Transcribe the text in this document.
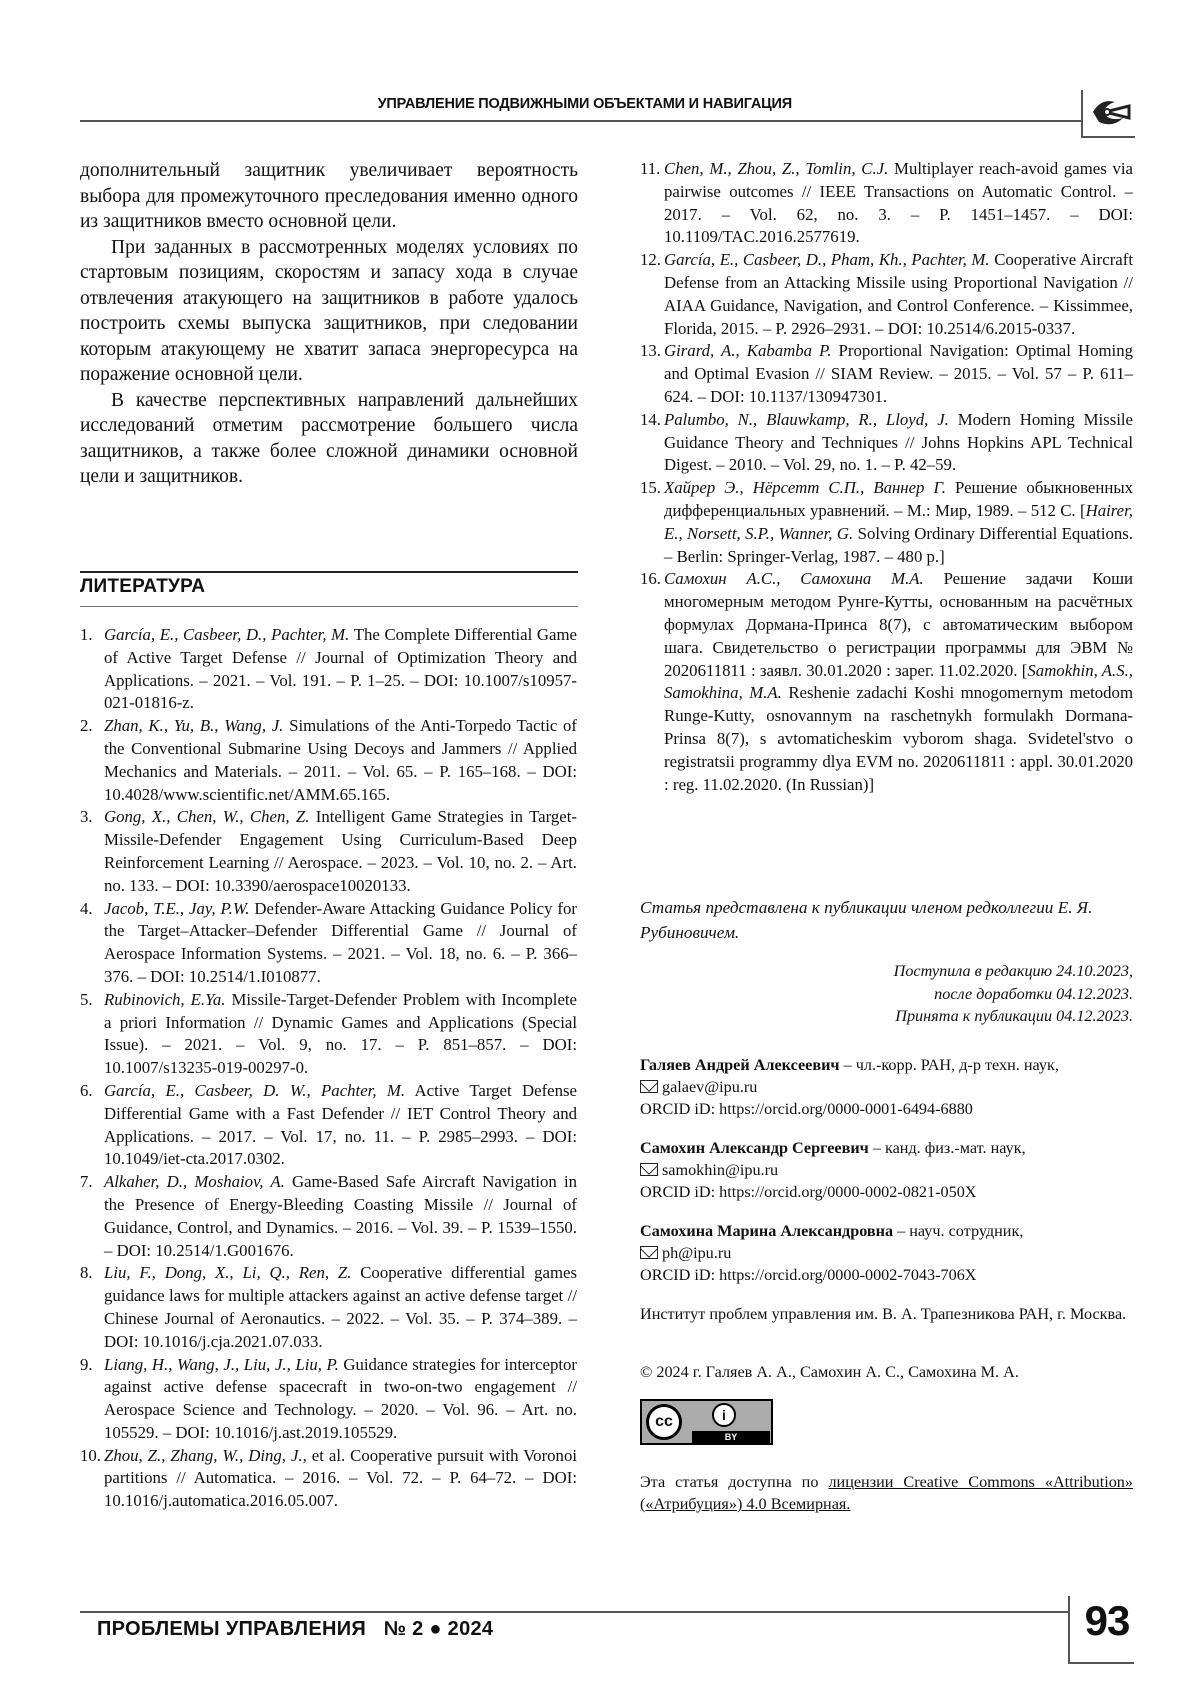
УПРАВЛЕНИЕ ПОДВИЖНЫМИ ОБЪЕКТАМИ И НАВИГАЦИЯ

дополнительный защитник увеличивает вероятность выбора для промежуточного преследования именно одного из защитников вместо основной цели.

При заданных в рассмотренных моделях условиях по стартовым позициям, скоростям и запасу хода в случае отвлечения атакующего на защитников в работе удалось построить схемы выпуска защитников, при следовании которым атакующему не хватит запаса энергоресурса на поражение основной цели.

В качестве перспективных направлений дальнейших исследований отметим рассмотрение большего числа защитников, а также более сложной динамики основной цели и защитников.

ЛИТЕРАТУРА

1. García, E., Casbeer, D., Pachter, M. The Complete Differential Game of Active Target Defense // Journal of Optimization Theory and Applications. – 2021. – Vol. 191. – P. 1–25. – DOI: 10.1007/s10957-021-01816-z.

2. Zhan, K., Yu, B., Wang, J. Simulations of the Anti-Torpedo Tactic of the Conventional Submarine Using Decoys and Jammers // Applied Mechanics and Materials. – 2011. – Vol. 65. – P. 165–168. – DOI: 10.4028/www.scientific.net/AMM.65.165.

3. Gong, X., Chen, W., Chen, Z. Intelligent Game Strategies in Target-Missile-Defender Engagement Using Curriculum-Based Deep Reinforcement Learning // Aerospace. – 2023. – Vol. 10, no. 2. – Art. no. 133. – DOI: 10.3390/aerospace10020133.

4. Jacob, T.E., Jay, P.W. Defender-Aware Attacking Guidance Policy for the Target–Attacker–Defender Differential Game // Journal of Aerospace Information Systems. – 2021. – Vol. 18, no. 6. – P. 366–376. – DOI: 10.2514/1.I010877.

5. Rubinovich, E.Ya. Missile-Target-Defender Problem with Incomplete a priori Information // Dynamic Games and Applications (Special Issue). – 2021. – Vol. 9, no. 17. – P. 851–857. – DOI: 10.1007/s13235-019-00297-0.

6. García, E., Casbeer, D. W., Pachter, M. Active Target Defense Differential Game with a Fast Defender // IET Control Theory and Applications. – 2017. – Vol. 17, no. 11. – P. 2985–2993. – DOI: 10.1049/iet-cta.2017.0302.

7. Alkaher, D., Moshaiov, A. Game-Based Safe Aircraft Navigation in the Presence of Energy-Bleeding Coasting Missile // Journal of Guidance, Control, and Dynamics. – 2016. – Vol. 39. – P. 1539–1550. – DOI: 10.2514/1.G001676.

8. Liu, F., Dong, X., Li, Q., Ren, Z. Cooperative differential games guidance laws for multiple attackers against an active defense target // Chinese Journal of Aeronautics. – 2022. – Vol. 35. – P. 374–389. – DOI: 10.1016/j.cja.2021.07.033.

9. Liang, H., Wang, J., Liu, J., Liu, P. Guidance strategies for interceptor against active defense spacecraft in two-on-two engagement // Aerospace Science and Technology. – 2020. – Vol. 96. – Art. no. 105529. – DOI: 10.1016/j.ast.2019.105529.

10. Zhou, Z., Zhang, W., Ding, J., et al. Cooperative pursuit with Voronoi partitions // Automatica. – 2016. – Vol. 72. – P. 64–72. – DOI: 10.1016/j.automatica.2016.05.007.

11. Chen, M., Zhou, Z., Tomlin, C.J. Multiplayer reach-avoid games via pairwise outcomes // IEEE Transactions on Automatic Control. – 2017. – Vol. 62, no. 3. – P. 1451–1457. – DOI: 10.1109/TAC.2016.2577619.

12. García, E., Casbeer, D., Pham, Kh., Pachter, M. Cooperative Aircraft Defense from an Attacking Missile using Proportional Navigation // AIAA Guidance, Navigation, and Control Conference. – Kissimmee, Florida, 2015. – P. 2926–2931. – DOI: 10.2514/6.2015-0337.

13. Girard, A., Kabamba P. Proportional Navigation: Optimal Homing and Optimal Evasion // SIAM Review. – 2015. – Vol. 57 – P. 611–624. – DOI: 10.1137/130947301.

14. Palumbo, N., Blauwkamp, R., Lloyd, J. Modern Homing Missile Guidance Theory and Techniques // Johns Hopkins APL Technical Digest. – 2010. – Vol. 29, no. 1. – P. 42–59.

15. Хайрер Э., Нёрсетт С.П., Ваннер Г. Решение обыкновенных дифференциальных уравнений. – М.: Мир, 1989. – 512 С. [Hairer, E., Norsett, S.P., Wanner, G. Solving Ordinary Differential Equations. – Berlin: Springer-Verlag, 1987. – 480 p.]

16. Самохин А.С., Самохина М.А. Решение задачи Коши многомерным методом Рунге-Кутты, основанным на расчётных формулах Дормана-Принса 8(7), с автоматическим выбором шага. Свидетельство о регистрации программы для ЭВМ № 2020611811 : заявл. 30.01.2020 : зарег. 11.02.2020. [Samokhin, A.S., Samokhina, M.A. Reshenie zadachi Koshi mnogomernym metodom Runge-Kutty, osnovannym na raschetnykh formulakh Dormana-Prinsa 8(7), s avtomaticheskim vyborom shaga. Svidetel'stvo o registratsii programmy dlya EVM no. 2020611811 : appl. 30.01.2020 : reg. 11.02.2020. (In Russian)]

Статья представлена к публикации членом редколлегии Е. Я. Рубиновичем.
Поступила в редакцию 24.10.2023,
после доработки 04.12.2023.
Принята к публикации 04.12.2023.
Галяев Андрей Алексеевич – чл.-корр. РАН, д-р техн. наук,
galaev@ipu.ru
ORCID iD: https://orcid.org/0000-0001-6494-6880
Самохин Александр Сергеевич – канд. физ.-мат. наук,
samokhin@ipu.ru
ORCID iD: https://orcid.org/0000-0002-0821-050X
Самохина Марина Александровна – науч. сотрудник,
ph@ipu.ru
ORCID iD: https://orcid.org/0000-0002-7043-706X
Институт проблем управления им. В. А. Трапезникова РАН, г. Москва.
© 2024 г. Галяев А. А., Самохин А. С., Самохина М. А.
cc	i
BY
Эта статья доступна по лицензии Creative Commons «Attribution» («Атрибуция») 4.0 Всемирная.
ПРОБЛЕМЫ УПРАВЛЕНИЯ   № 2 ● 2024	93
